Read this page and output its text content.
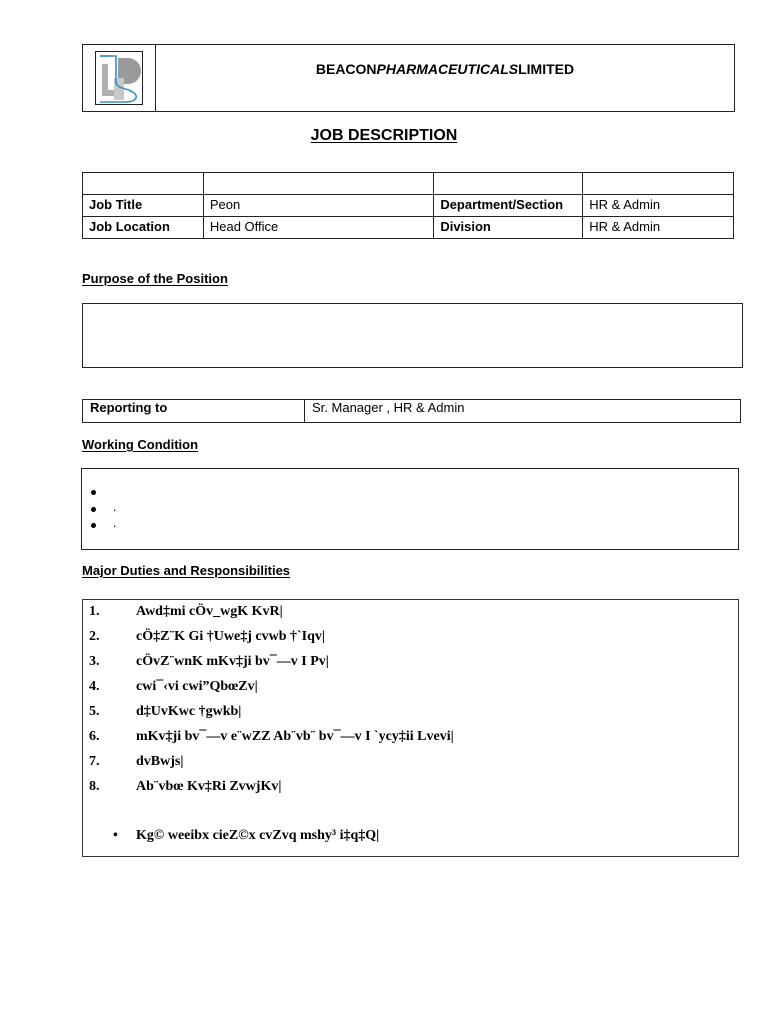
BEACON PHARMACEUTICALS LIMITED
JOB DESCRIPTION

Job Title	Peon	Department/Section	HR & Admin
Job Location	Head Office	Division	HR & Admin
Purpose of the Position
Reporting to	Sr. Manager , HR & Admin
Working Condition
.
.
Major Duties and Responsibilities
1.	Awd‡mi cÖv_wgK KvR|
2.	cÖ‡Z¨K Gi †Uwe‡j cvwb †`Iqv|
3.	cÖvZ¨wnK mKv‡ji bv¯—v I Pv|
4.	cwi¯‹vi cwi”QbœZv|
5.	d‡UvKwc †gwkb|
6.	mKv‡ji bv¯—v e¨wZZ Ab¨vb¨ bv¯—v I `ycy‡ii Lvevi|
7.	dvBwjs|
8.	Ab¨vbœ Kv‡Ri ZvwjKv|
• Kg© weeibx cieZ©x cvZvq mshy³ i‡q‡Q|
